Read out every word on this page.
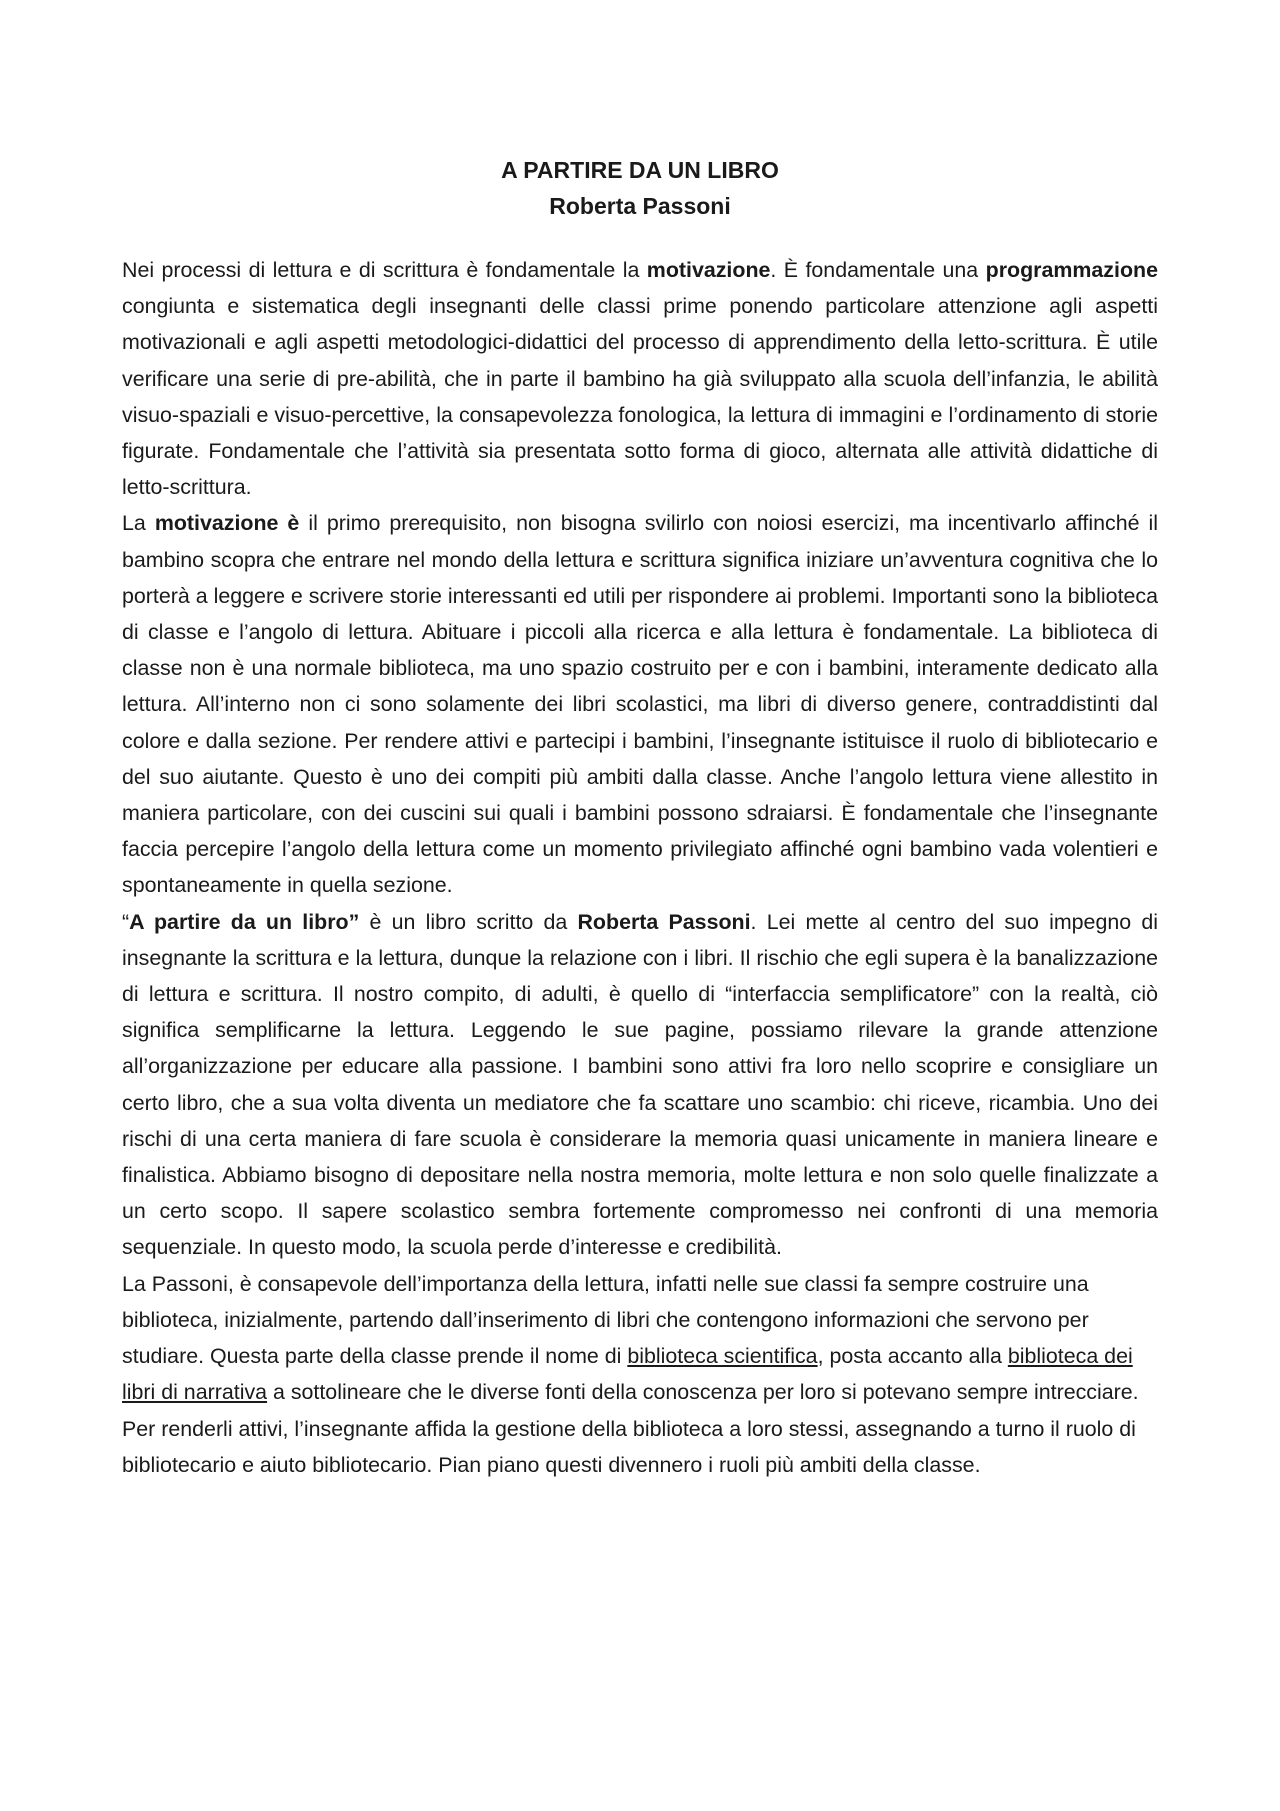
A PARTIRE DA UN LIBRO
Roberta Passoni

Nei processi di lettura e di scrittura è fondamentale la motivazione. È fondamentale una programmazione congiunta e sistematica degli insegnanti delle classi prime ponendo particolare attenzione agli aspetti motivazionali e agli aspetti metodologici-didattici del processo di apprendimento della letto-scrittura. È utile verificare una serie di pre-abilità, che in parte il bambino ha già sviluppato alla scuola dell’infanzia, le abilità visuo-spaziali e visuo-percettive, la consapevolezza fonologica, la lettura di immagini e l’ordinamento di storie figurate. Fondamentale che l’attività sia presentata sotto forma di gioco, alternata alle attività didattiche di letto-scrittura.

La motivazione è il primo prerequisito, non bisogna svilirlo con noiosi esercizi, ma incentivarlo affinché il bambino scopra che entrare nel mondo della lettura e scrittura significa iniziare un’avventura cognitiva che lo porterà a leggere e scrivere storie interessanti ed utili per rispondere ai problemi. Importanti sono la biblioteca di classe e l’angolo di lettura. Abituare i piccoli alla ricerca e alla lettura è fondamentale. La biblioteca di classe non è una normale biblioteca, ma uno spazio costruito per e con i bambini, interamente dedicato alla lettura. All’interno non ci sono solamente dei libri scolastici, ma libri di diverso genere, contraddistinti dal colore e dalla sezione. Per rendere attivi e partecipi i bambini, l’insegnante istituisce il ruolo di bibliotecario e del suo aiutante. Questo è uno dei compiti più ambiti dalla classe. Anche l’angolo lettura viene allestito in maniera particolare, con dei cuscini sui quali i bambini possono sdraiarsi. È fondamentale che l’insegnante faccia percepire l’angolo della lettura come un momento privilegiato affinché ogni bambino vada volentieri e spontaneamente in quella sezione.

“A partire da un libro” è un libro scritto da Roberta Passoni. Lei mette al centro del suo impegno di insegnante la scrittura e la lettura, dunque la relazione con i libri. Il rischio che egli supera è la banalizzazione di lettura e scrittura. Il nostro compito, di adulti, è quello di “interfaccia semplificatore” con la realtà, ciò significa semplificarne la lettura. Leggendo le sue pagine, possiamo rilevare la grande attenzione all’organizzazione per educare alla passione. I bambini sono attivi fra loro nello scoprire e consigliare un certo libro, che a sua volta diventa un mediatore che fa scattare uno scambio: chi riceve, ricambia. Uno dei rischi di una certa maniera di fare scuola è considerare la memoria quasi unicamente in maniera lineare e finalistica. Abbiamo bisogno di depositare nella nostra memoria, molte lettura e non solo quelle finalizzate a un certo scopo. Il sapere scolastico sembra fortemente compromesso nei confronti di una memoria sequenziale. In questo modo, la scuola perde d’interesse e credibilità.

La Passoni, è consapevole dell’importanza della lettura, infatti nelle sue classi fa sempre costruire una biblioteca, inizialmente, partendo dall’inserimento di libri che contengono informazioni che servono per studiare. Questa parte della classe prende il nome di biblioteca scientifica, posta accanto alla biblioteca dei libri di narrativa a sottolineare che le diverse fonti della conoscenza per loro si potevano sempre intrecciare. Per renderli attivi, l’insegnante affida la gestione della biblioteca a loro stessi, assegnando a turno il ruolo di bibliotecario e aiuto bibliotecario. Pian piano questi divennero i ruoli più ambiti della classe.
